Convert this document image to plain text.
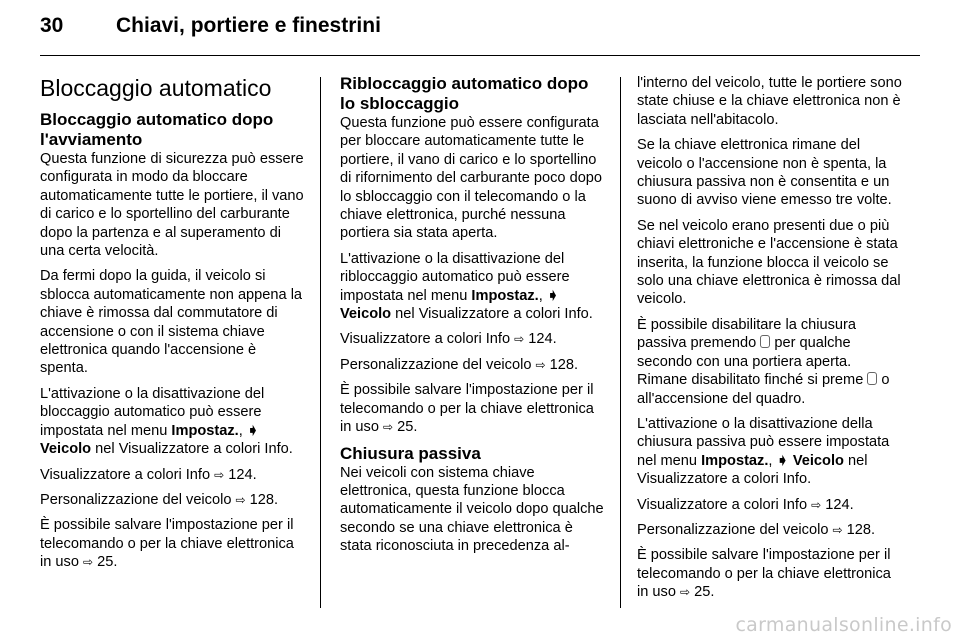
30	Chiavi, portiere e finestrini
Bloccaggio automatico
Bloccaggio automatico dopo l'avviamento

Questa funzione di sicurezza può essere configurata in modo da bloccare automaticamente tutte le portiere, il vano di carico e lo sportellino del carburante dopo la partenza e al superamento di una certa velocità.

Da fermi dopo la guida, il veicolo si sblocca automaticamente non appena la chiave è rimossa dal commutatore di accensione o con il sistema chiave elettronica quando l'accensione è spenta.

L'attivazione o la disattivazione del bloccaggio automatico può essere impostata nel menu Impostaz., ➧ Veicolo nel Visualizzatore a colori Info.

Visualizzatore a colori Info ⇨ 124.

Personalizzazione del veicolo ⇨ 128.

È possibile salvare l'impostazione per il telecomando o per la chiave elettronica in uso ⇨ 25.

Ribloccaggio automatico dopo lo sbloccaggio

Questa funzione può essere configurata per bloccare automaticamente tutte le portiere, il vano di carico e lo sportellino di rifornimento del carburante poco dopo lo sbloccaggio con il telecomando o la chiave elettronica, purché nessuna portiera sia stata aperta.

L'attivazione o la disattivazione del ribloccaggio automatico può essere impostata nel menu Impostaz., ➧
Veicolo nel Visualizzatore a colori Info.

Visualizzatore a colori Info ⇨ 124.

Personalizzazione del veicolo ⇨ 128.

È possibile salvare l'impostazione per il telecomando o per la chiave elettronica in uso ⇨ 25.

Chiusura passiva

Nei veicoli con sistema chiave elettronica, questa funzione blocca automaticamente il veicolo dopo qualche secondo se una chiave elettronica è stata riconosciuta in precedenza al-

l'interno del veicolo, tutte le portiere sono state chiuse e la chiave elettronica non è lasciata nell'abitacolo.

Se la chiave elettronica rimane del veicolo o l'accensione non è spenta, la chiusura passiva non è consentita e un suono di avviso viene emesso tre volte.

Se nel veicolo erano presenti due o più chiavi elettroniche e l'accensione è stata inserita, la funzione blocca il veicolo se solo una chiave elettronica è rimossa dal veicolo.

È possibile disabilitare la chiusura passiva premendo  per qualche secondo con una portiera aperta. Rimane disabilitato finché si preme  o all'accensione del quadro.

L'attivazione o la disattivazione della chiusura passiva può essere impostata nel menu Impostaz., ➧ Veicolo nel Visualizzatore a colori Info.

Visualizzatore a colori Info ⇨ 124.

Personalizzazione del veicolo ⇨ 128.

È possibile salvare l'impostazione per il telecomando o per la chiave elettronica in uso ⇨ 25.

carmanualsonline.info
